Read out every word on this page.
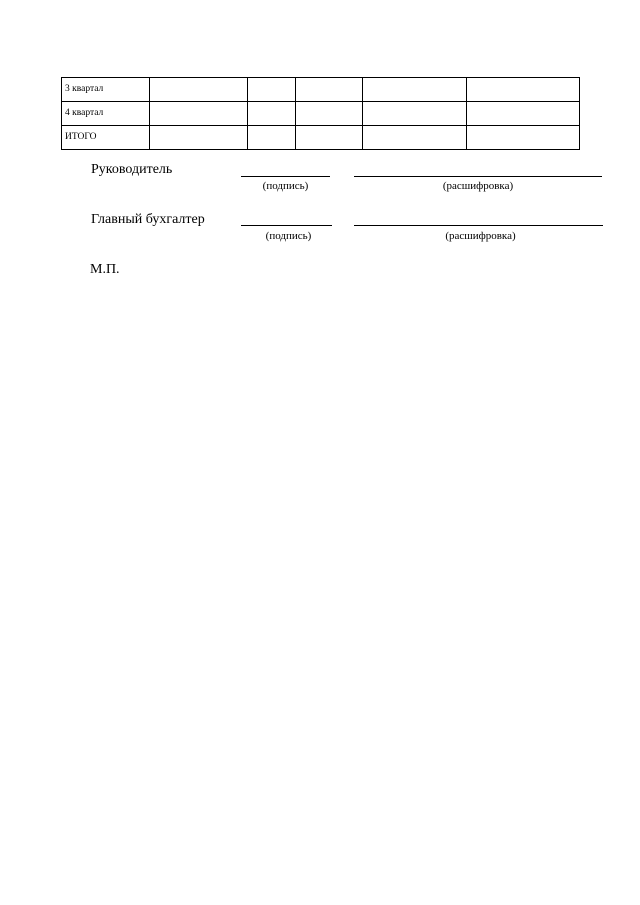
3 квартал					
4 квартал					
ИТОГО					
Руководитель
(подпись)	(расшифровка)
Главный бухгалтер
(подпись)	(расшифровка)
М.П.
